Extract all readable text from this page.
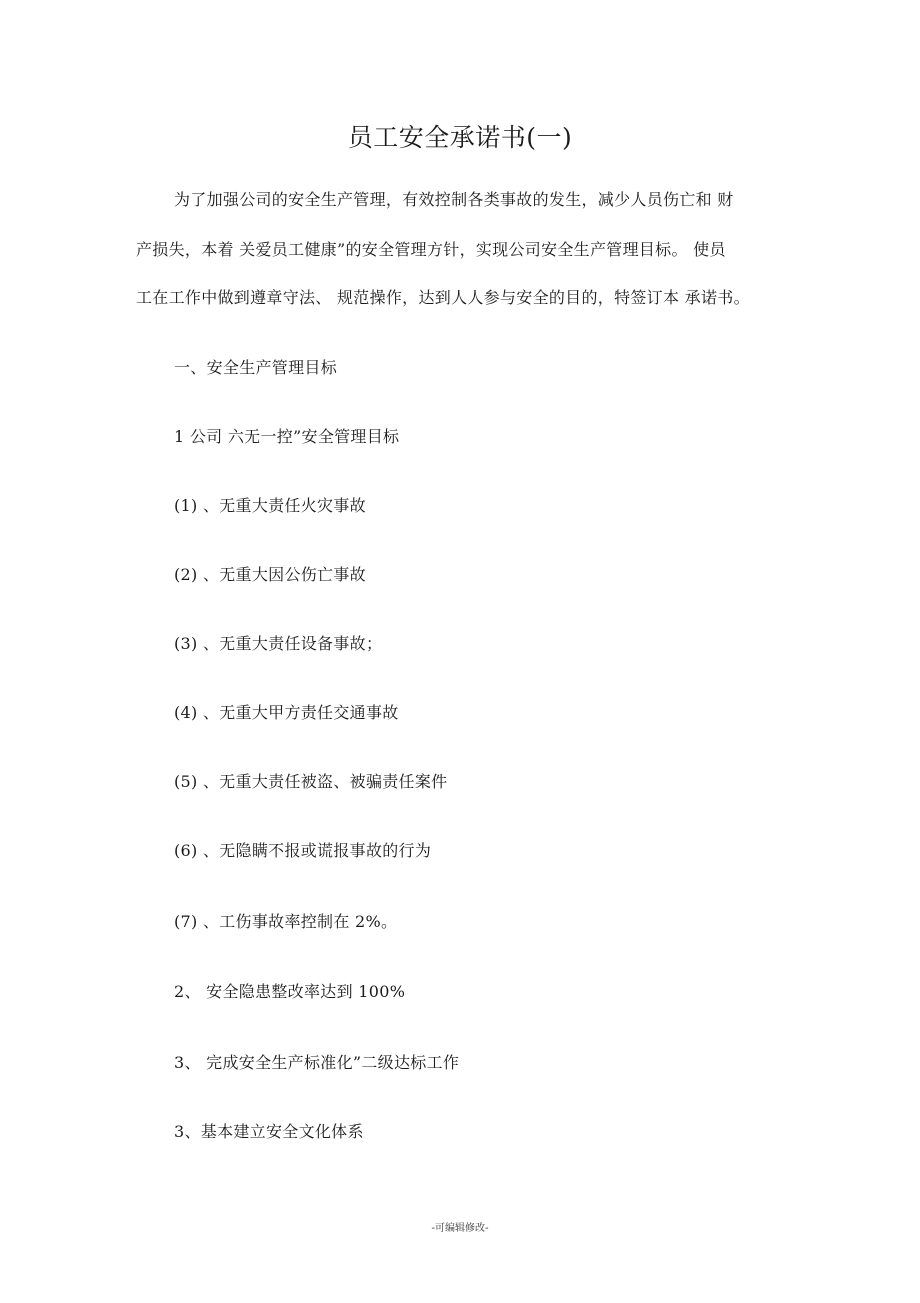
员工安全承诺书(一)

为了加强公司的安全生产管理，有效控制各类事故的发生，减少人员伤亡和 财

产损失，本着 关爱员工健康”的安全管理方针，实现公司安全生产管理目标。 使员

工在工作中做到遵章守法、 规范操作，达到人人参与安全的目的，特签订本 承诺书。

一、安全生产管理目标

1 公司 六无一控”安全管理目标

(1) 、无重大责任火灾事故

(2) 、无重大因公伤亡事故

(3) 、无重大责任设备事故；

(4) 、无重大甲方责任交通事故

(5) 、无重大责任被盗、被骗责任案件

(6) 、无隐瞒不报或谎报事故的行为

(7) 、工伤事故率控制在 2%。

2、 安全隐患整改率达到 100%

3、 完成安全生产标准化”二级达标工作

3、基本建立安全文化体系

-可编辑修改-
